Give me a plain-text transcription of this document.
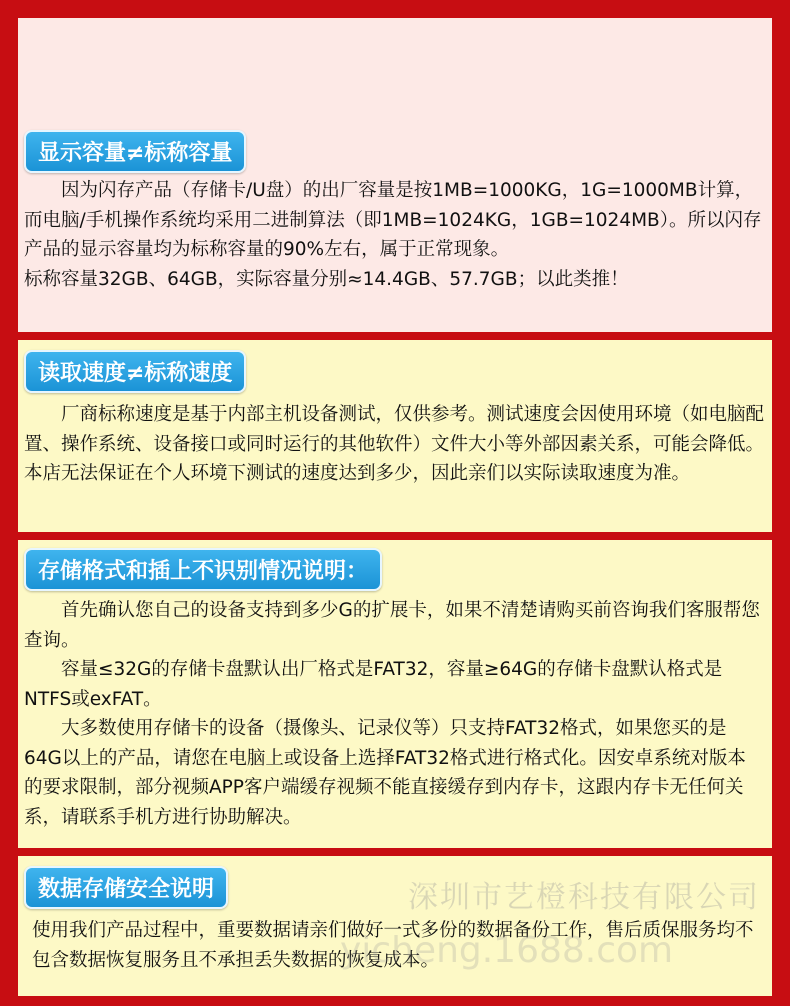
显示容量≠标称容量

因为闪存产品（存储卡/U盘）的出厂容量是按1MB=1000KG，1G=1000MB计算，而电脑/手机操作系统均采用二进制算法（即1MB=1024KG，1GB=1024MB）。所以闪存产品的显示容量均为标称容量的90%左右，属于正常现象。

标称容量32GB、64GB，实际容量分别≈14.4GB、57.7GB；以此类推！

读取速度≠标称速度

厂商标称速度是基于内部主机设备测试，仅供参考。测试速度会因使用环境（如电脑配置、操作系统、设备接口或同时运行的其他软件）文件大小等外部因素关系，可能会降低。本店无法保证在个人环境下测试的速度达到多少，因此亲们以实际读取速度为准。

存储格式和插上不识别情况说明：

首先确认您自己的设备支持到多少G的扩展卡，如果不清楚请购买前咨询我们客服帮您查询。

容量≤32G的存储卡盘默认出厂格式是FAT32，容量≥64G的存储卡盘默认格式是NTFS或exFAT。

大多数使用存储卡的设备（摄像头、记录仪等）只支持FAT32格式，如果您买的是64G以上的产品，请您在电脑上或设备上选择FAT32格式进行格式化。因安卓系统对版本的要求限制，部分视频APP客户端缓存视频不能直接缓存到内存卡，这跟内存卡无任何关系，请联系手机方进行协助解决。

数据存储安全说明

使用我们产品过程中，重要数据请亲们做好一式多份的数据备份工作，售后质保服务均不包含数据恢复服务且不承担丢失数据的恢复成本。

深圳市艺橙科技有限公司
yicheng.1688.com
